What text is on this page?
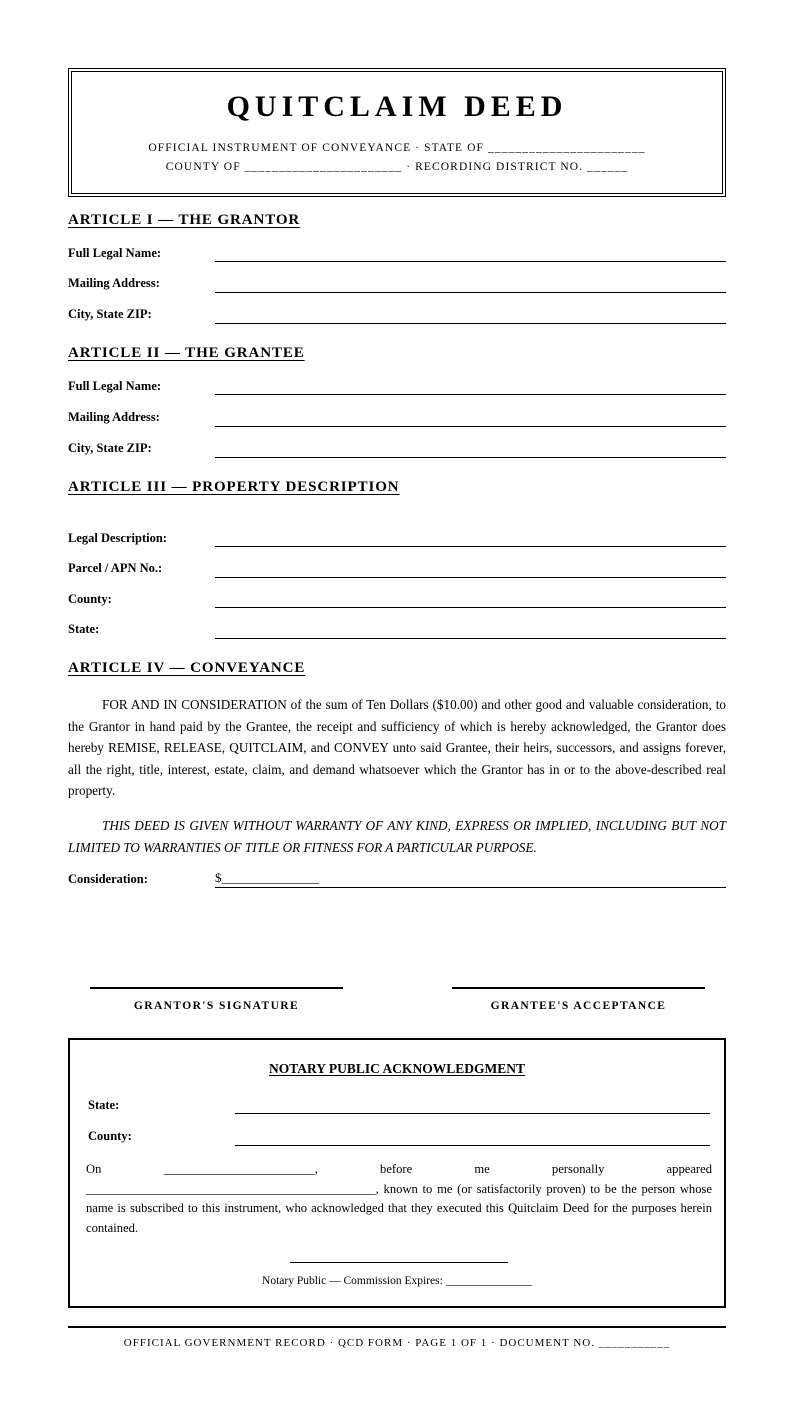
QUITCLAIM DEED
OFFICIAL INSTRUMENT OF CONVEYANCE · STATE OF _______________________
COUNTY OF _______________________ · RECORDING DISTRICT NO. ______
ARTICLE I — THE GRANTOR
Full Legal Name:
Mailing Address:
City, State ZIP:
ARTICLE II — THE GRANTEE
Full Legal Name:
Mailing Address:
City, State ZIP:
ARTICLE III — PROPERTY DESCRIPTION
Legal Description:
Parcel / APN No.:
County:
State:
ARTICLE IV — CONVEYANCE
FOR AND IN CONSIDERATION of the sum of Ten Dollars ($10.00) and other good and valuable consideration, to the Grantor in hand paid by the Grantee, the receipt and sufficiency of which is hereby acknowledged, the Grantor does hereby REMISE, RELEASE, QUITCLAIM, and CONVEY unto said Grantee, their heirs, successors, and assigns forever, all the right, title, interest, estate, claim, and demand whatsoever which the Grantor has in or to the above-described real property.
THIS DEED IS GIVEN WITHOUT WARRANTY OF ANY KIND, EXPRESS OR IMPLIED, INCLUDING BUT NOT LIMITED TO WARRANTIES OF TITLE OR FITNESS FOR A PARTICULAR PURPOSE.
Consideration:	$_______________
GRANTOR'S SIGNATURE	GRANTEE'S ACCEPTANCE
NOTARY PUBLIC ACKNOWLEDGMENT
State:
County:
On ________________________, before me personally appeared ______________________________________________, known to me (or satisfactorily proven) to be the person whose name is subscribed to this instrument, who acknowledged that they executed this Quitclaim Deed for the purposes herein contained.
Notary Public — Commission Expires: _______________
OFFICIAL GOVERNMENT RECORD · QCD FORM · PAGE 1 OF 1 · DOCUMENT NO. ___________
